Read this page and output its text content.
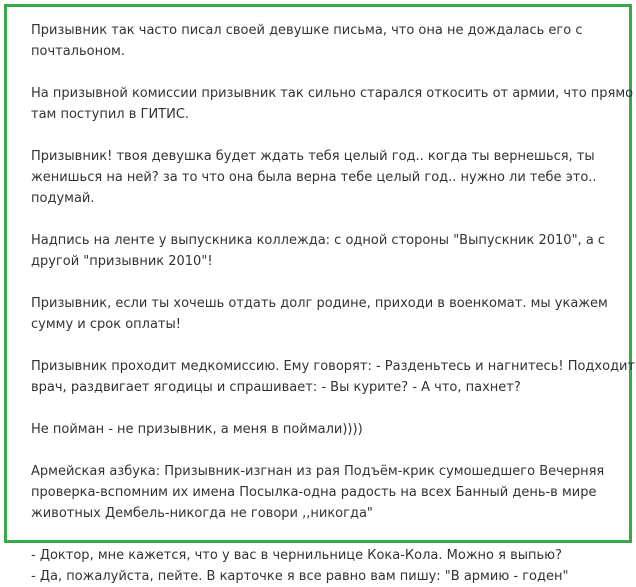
Призывник так часто писал своей девушке письма, что она не дождалась его с
почтальоном.
На призывной комиссии призывник так сильно старался откосить от армии, что прямо
там поступил в ГИТИС.
Призывник! твоя девушка будет ждать тебя целый год.. когда ты вернешься, ты
женишься на ней? за то что она была верна тебе целый год.. нужно ли тебе это..
подумай.
Надпись на ленте у выпускника коллежда: с одной стороны "Выпускник 2010", а с
другой "призывник 2010"!
Призывник, если ты хочешь отдать долг родине, приходи в военкомат. мы укажем
сумму и срок оплаты!
Призывник проходит медкомиссию. Ему говорят: - Разденьтесь и нагнитесь! Подходит
врач, раздвигает ягодицы и спрашивает: - Вы курите? - А что, пахнет?
Не пойман - не призывник, а меня в поймали))))
Армейская азбука: Призывник-изгнан из рая Подъём-крик сумошедшего Вечерняя
проверка-вспомним их имена Посылка-одна радость на всех Банный день-в мире
животных Дембель-никогда не говори ,,никогда"
- Доктор, мне кажется, что у вас в чернильнице Кока-Кола. Можно я выпью?
- Да, пожалуйста, пейте. В карточке я все равно вам пишу: "В армию - годен"
